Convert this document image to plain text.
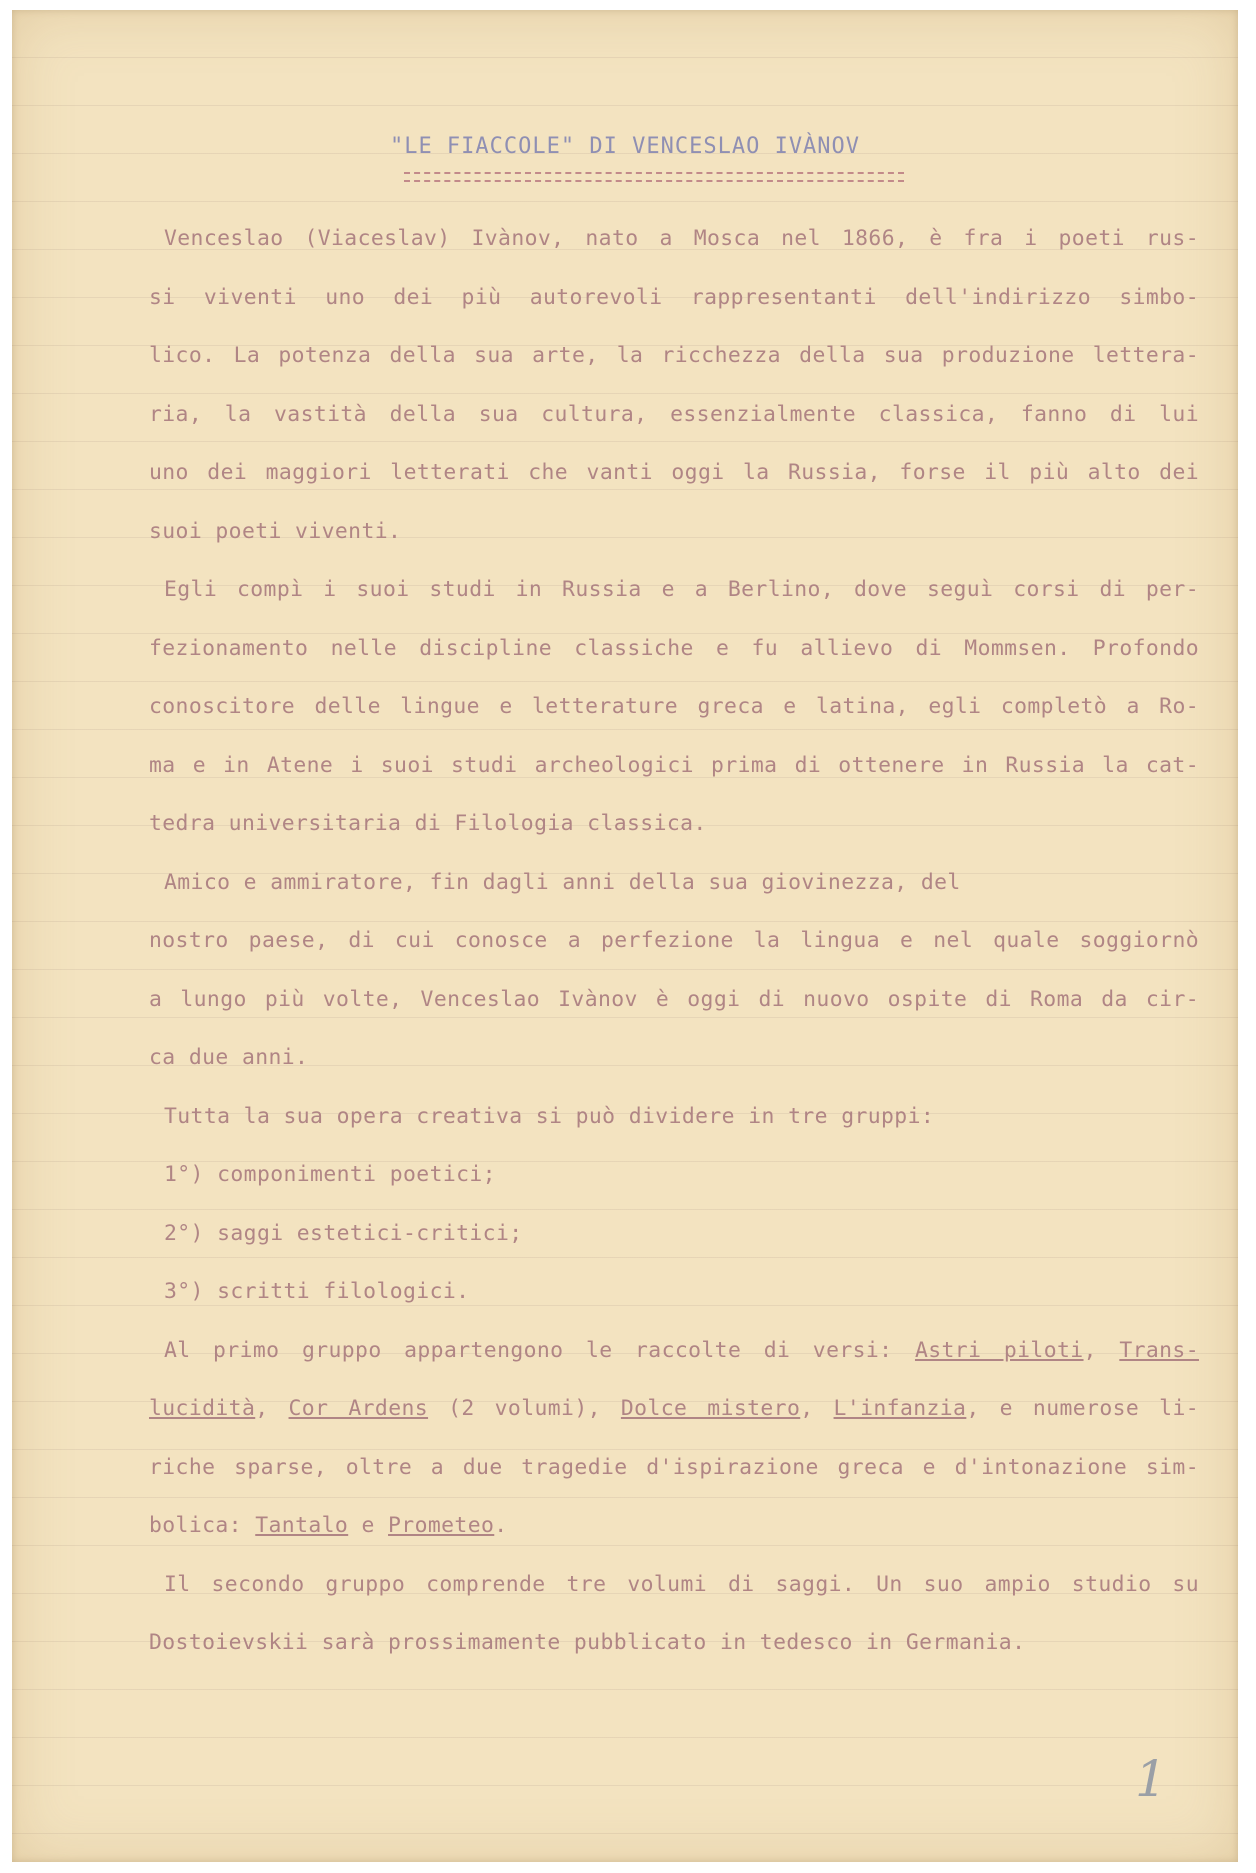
"LE FIACCOLE" DI VENCESLAO IVÀNOV
Venceslao (Viaceslav) Ivànov, nato a Mosca nel 1866, è fra i poeti rus-
si viventi uno dei più autorevoli rappresentanti dell'indirizzo simbo-
lico. La potenza della sua arte, la ricchezza della sua produzione lettera-
ria, la vastità della sua cultura, essenzialmente classica, fanno di lui
uno dei maggiori letterati che vanti oggi la Russia, forse il più alto dei
suoi poeti viventi.
Egli compì i suoi studi in Russia e a Berlino, dove seguì corsi di per-
fezionamento nelle discipline classiche e fu allievo di Mommsen. Profondo
conoscitore delle lingue e letterature greca e latina, egli completò a Ro-
ma e in Atene i suoi studi archeologici prima di ottenere in Russia la cat-
tedra universitaria di Filologia classica.
Amico e ammiratore, fin dagli anni della sua giovinezza, del
nostro paese, di cui conosce a perfezione la lingua e nel quale soggiornò
a lungo più volte, Venceslao Ivànov è oggi di nuovo ospite di Roma da cir-
ca due anni.
Tutta la sua opera creativa si può dividere in tre gruppi:
1°) componimenti poetici;
2°) saggi estetici-critici;
3°) scritti filologici.
Al primo gruppo appartengono le raccolte di versi: Astri piloti, Trans-
lucidità, Cor Ardens (2 volumi), Dolce mistero, L'infanzia, e numerose li-
riche sparse, oltre a due tragedie d'ispirazione greca e d'intonazione sim-
bolica: Tantalo e Prometeo.
Il secondo gruppo comprende tre volumi di saggi. Un suo ampio studio su
Dostoievskii sarà prossimamente pubblicato in tedesco in Germania.
1
